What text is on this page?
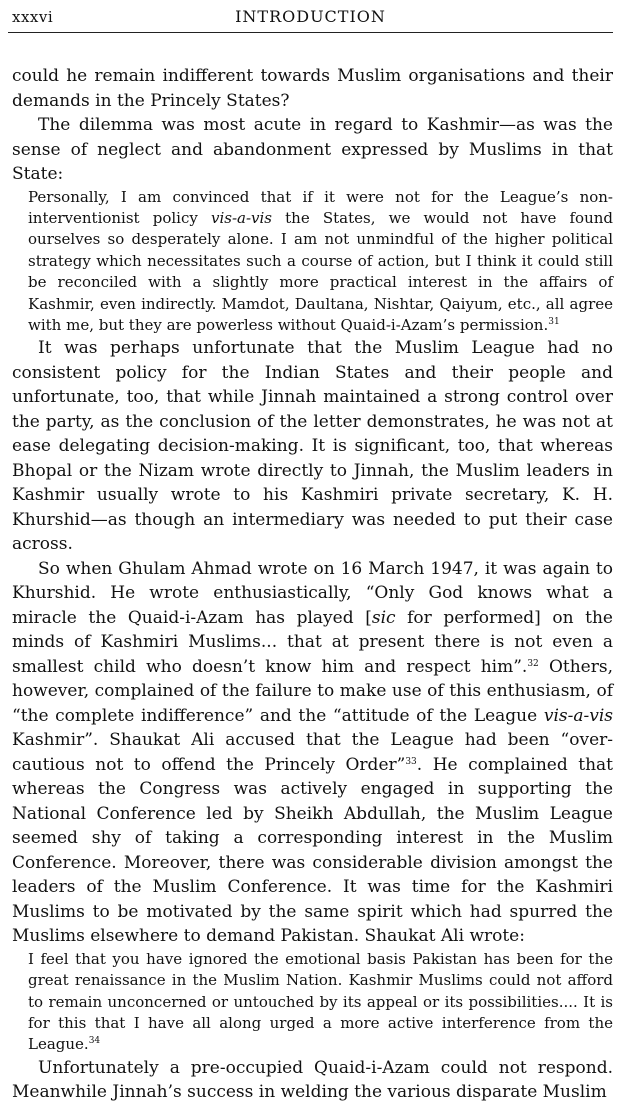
xxxvi	INTRODUCTION

could he remain indifferent towards Muslim organisations and their demands in the Princely States?

The dilemma was most acute in regard to Kashmir—as was the sense of neglect and abandonment expressed by Muslims in that State:

Personally, I am convinced that if it were not for the League’s non-interventionist policy vis-a-vis the States, we would not have found ourselves so desperately alone. I am not unmindful of the higher political strategy which necessitates such a course of action, but I think it could still be reconciled with a slightly more practical interest in the affairs of Kashmir, even indirectly. Mamdot, Daultana, Nishtar, Qaiyum, etc., all agree with me, but they are powerless without Quaid-i-Azam’s permission.$^{31}$

It was perhaps unfortunate that the Muslim League had no consistent policy for the Indian States and their people and unfortunate, too, that while Jinnah maintained a strong control over the party, as the conclusion of the letter demonstrates, he was not at ease delegating decision-making. It is significant, too, that whereas Bhopal or the Nizam wrote directly to Jinnah, the Muslim leaders in Kashmir usually wrote to his Kashmiri private secretary, K. H. Khurshid—as though an intermediary was needed to put their case across.

So when Ghulam Ahmad wrote on 16 March 1947, it was again to Khurshid. He wrote enthusiastically, “Only God knows what a miracle the Quaid-i-Azam has played [sic for performed] on the minds of Kashmiri Muslims... that at present there is not even a smallest child who doesn’t know him and respect him”.$^{32}$ Others, however, complained of the failure to make use of this enthusiasm, of “the complete indifference” and the “attitude of the League vis-a-vis Kashmir”. Shaukat Ali accused that the League had been “over-cautious not to offend the Princely Order”$^{33}$. He complained that whereas the Congress was actively engaged in supporting the National Conference led by Sheikh Abdullah, the Muslim League seemed shy of taking a corresponding interest in the Muslim Conference. Moreover, there was considerable division amongst the leaders of the Muslim Conference. It was time for the Kashmiri Muslims to be motivated by the same spirit which had spurred the Muslims elsewhere to demand Pakistan. Shaukat Ali wrote:

I feel that you have ignored the emotional basis Pakistan has been for the great renaissance in the Muslim Nation. Kashmir Muslims could not afford to remain unconcerned or untouched by its appeal or its possibilities.... It is for this that I have all along urged a more active interference from the League.$^{34}$

Unfortunately a pre-occupied Quaid-i-Azam could not respond. Meanwhile Jinnah’s success in welding the various disparate Muslim
